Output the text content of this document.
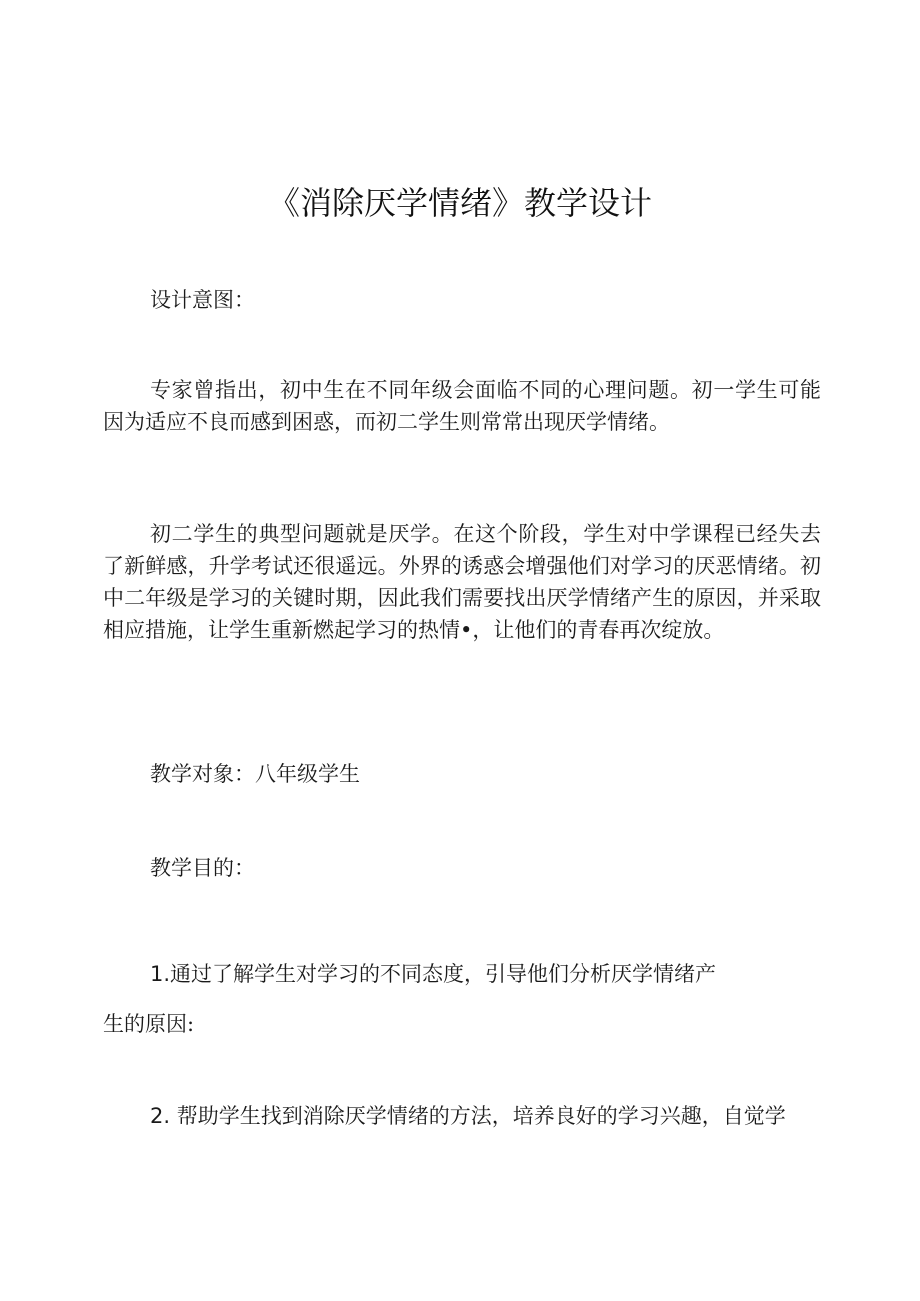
《消除厌学情绪》教学设计

设计意图：

专家曾指出，初中生在不同年级会面临不同的心理问题。初一学生可能因为适应不良而感到困惑，而初二学生则常常出现厌学情绪。

初二学生的典型问题就是厌学。在这个阶段，学生对中学课程已经失去了新鲜感，升学考试还很遥远。外界的诱惑会增强他们对学习的厌恶情绪。初中二年级是学习的关键时期，因此我们需要找出厌学情绪产生的原因，并采取相应措施，让学生重新燃起学习的热情•，让他们的青春再次绽放。

教学对象：八年级学生

教学目的：

1.通过了解学生对学习的不同态度，引导他们分析厌学情绪产

生的原因:

2. 帮助学生找到消除厌学情绪的方法，培养良好的学习兴趣，自觉学
